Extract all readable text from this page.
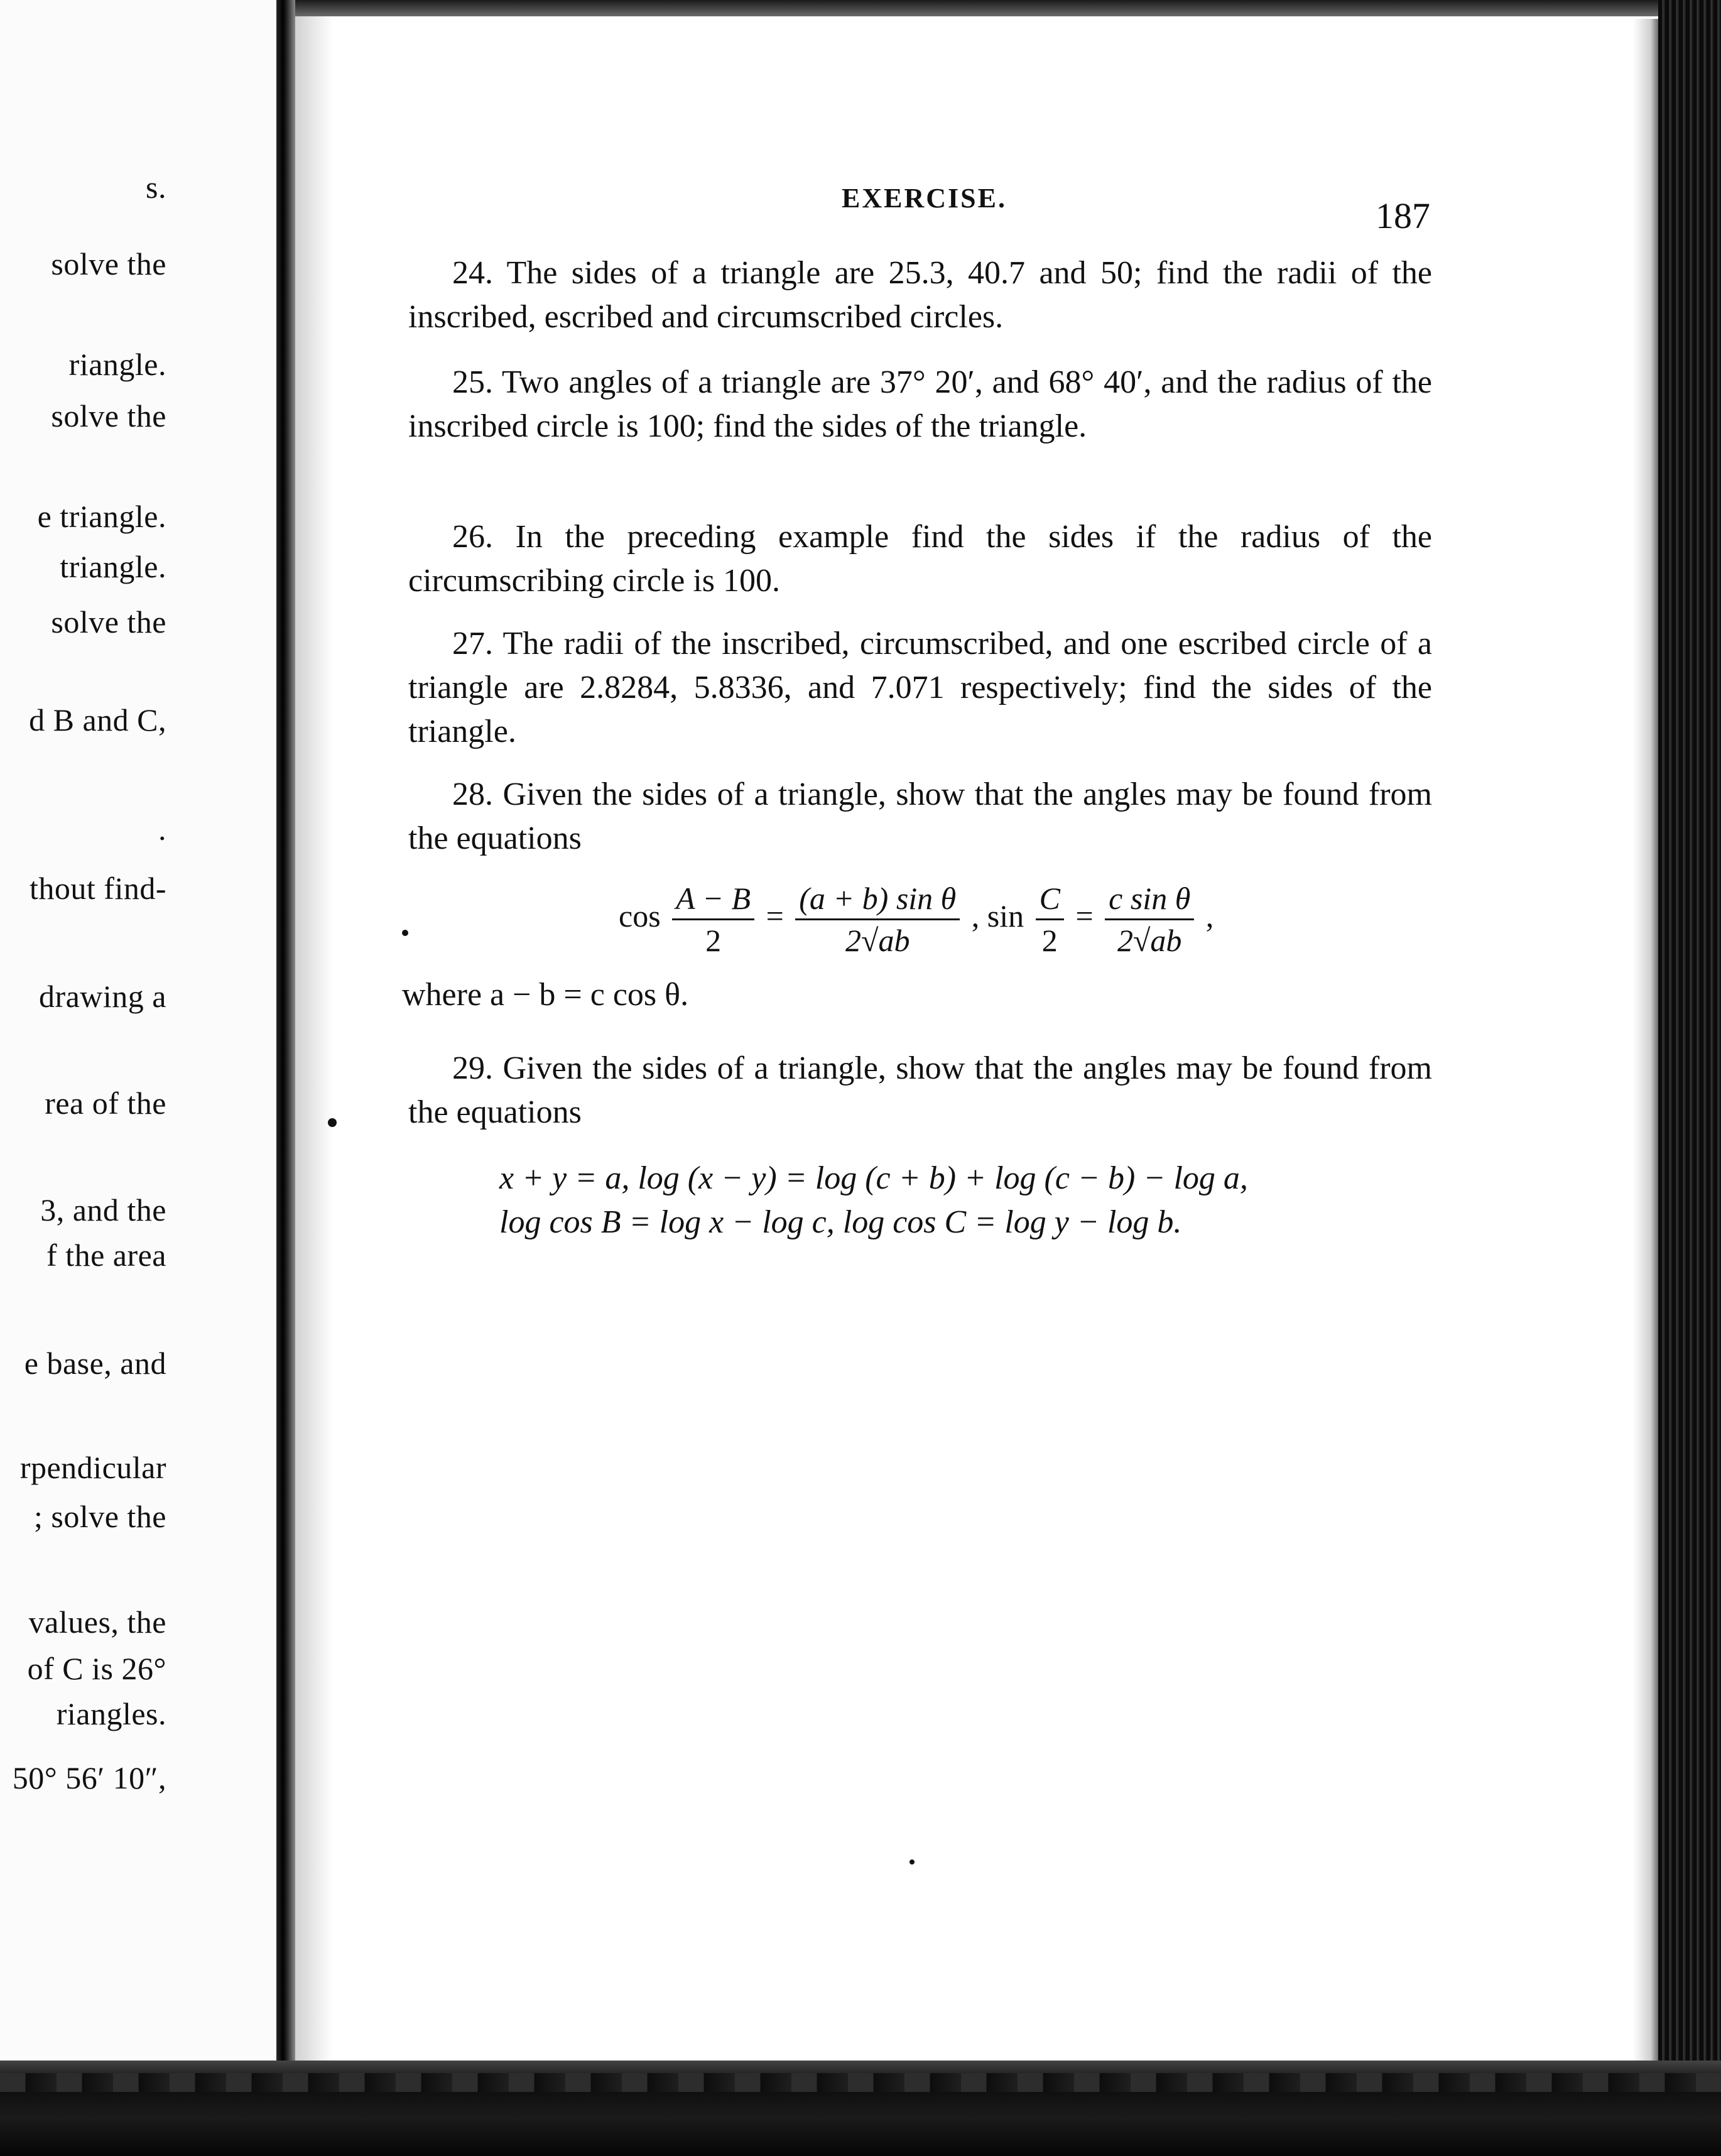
s.
solve the
riangle.
solve the
e triangle.
triangle.
solve the
d B and C,
.
thout find-
drawing a
rea of the
3, and the
f the area
e base, and
rpendicular
; solve the
values, the
of C is 26°
riangles.
50° 56′ 10″,
EXERCISE.	187
24. The sides of a triangle are 25.3, 40.7 and 50; find the radii of the inscribed, escribed and circumscribed circles.
25. Two angles of a triangle are 37° 20′, and 68° 40′, and the radius of the inscribed circle is 100; find the sides of the triangle.
26. In the preceding example find the sides if the radius of the circumscribing circle is 100.
27. The radii of the inscribed, circumscribed, and one escribed circle of a triangle are 2.8284, 5.8336, and 7.071 respectively; find the sides of the triangle.
28. Given the sides of a triangle, show that the angles may be found from the equations
$\cos \frac{A - B}{2} = \frac{\text{(a + b) sin θ}}{2√ab}$ , $\sin \frac{C}{2} = \frac{\text{c sin θ}}{2√ab}$ ,
where a − b = c cos θ.
29. Given the sides of a triangle, show that the angles may be found from the equations
x + y = a, log (x − y) = log (c + b) + log (c − b) − log a,
log cos B = log x − log c, log cos C = log y − log b.
